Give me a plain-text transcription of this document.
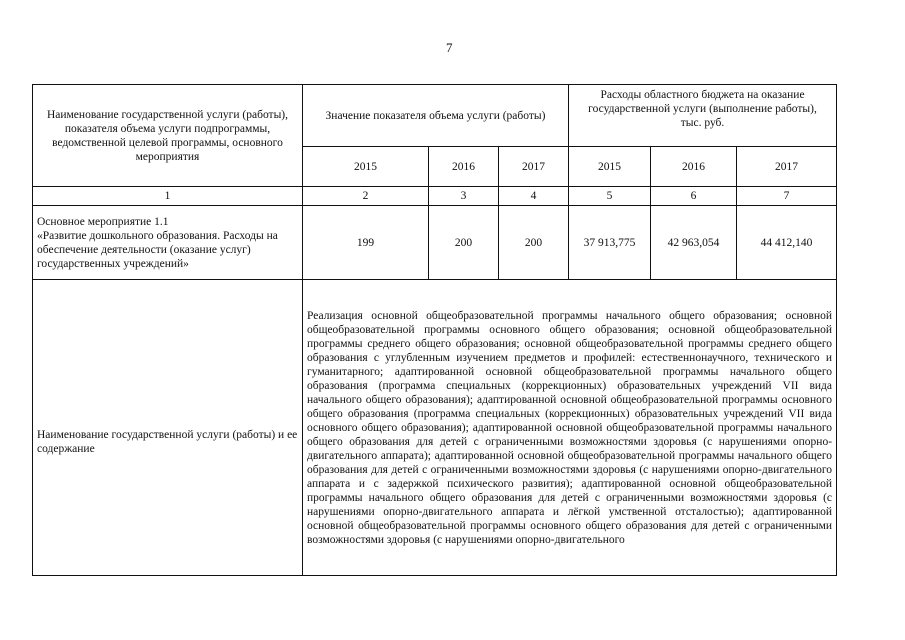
7
Наименование государственной услуги (работы), показателя объема услуги подпрограммы, ведомственной целевой программы, основного мероприятия	Значение показателя объема услуги (работы)			Расходы областного бюджета на оказание государственной услуги (выполнение работы),
тыс. руб.		
	2015	2016	2017	2015	2016	2017
1	2	3	4	5	6	7
Основное мероприятие 1.1
«Развитие дошкольного образования. Расходы на обеспечение деятельности (оказание услуг) государственных учреждений»	199	200	200	37 913,775	42 963,054	44 412,140
Наименование государственной услуги (работы) и ее содержание	Реализация основной общеобразовательной программы начального общего образования; основной общеобразовательной программы основного общего образования; основной общеобразовательной программы среднего общего образования; основной общеобразовательной программы среднего общего образования с углубленным изучением предметов и профилей: естественнонаучного, технического и гуманитарного; адаптированной основной общеобразовательной программы начального общего образования (программа специальных (коррекционных) образовательных учреждений VII вида начального общего образования); адаптированной основной общеобразовательной программы основного общего образования (программа специальных (коррекционных) образовательных учреждений VII вида основного общего образования); адаптированной основной общеобразовательной программы начального общего образования для детей с ограниченными возможностями здоровья (с нарушениями опорно-двигательного аппарата); адаптированной основной общеобразовательной программы начального общего образования для детей с ограниченными возможностями здоровья (с нарушениями опорно-двигательного аппарата и с задержкой психического развития); адаптированной основной общеобразовательной программы начального общего образования для детей с ограниченными возможностями здоровья (с нарушениями опорно-двигательного аппарата и лёгкой умственной отсталостью); адаптированной основной общеобразовательной программы основного общего образования для детей с ограниченными возможностями здоровья (с нарушениями опорно-двигательного					
